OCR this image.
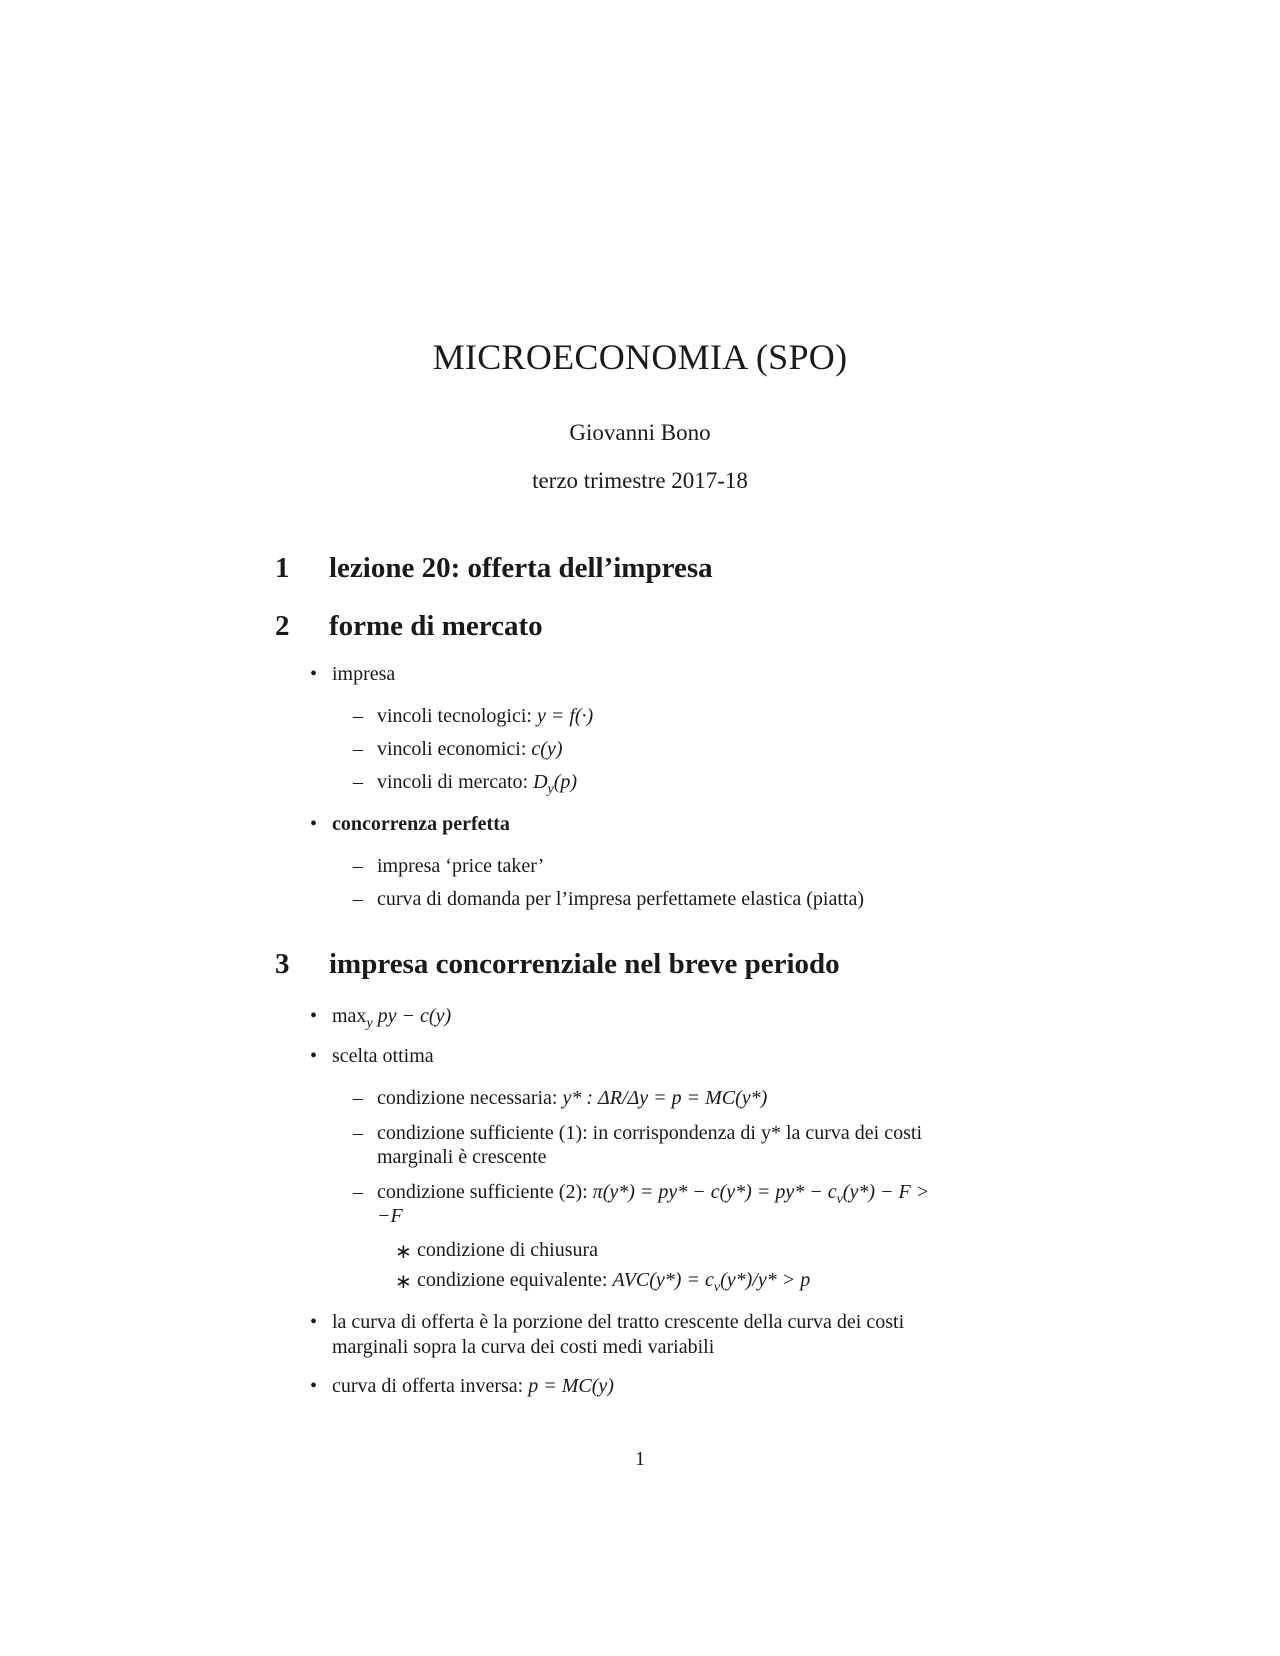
MICROECONOMIA (SPO)
Giovanni Bono
terzo trimestre 2017-18
1 lezione 20: offerta dell’impresa
2 forme di mercato
• impresa
– vincoli tecnologici: y = f(·)
– vincoli economici: c(y)
– vincoli di mercato: $D_y(p)$
• concorrenza perfetta
– impresa ‘price taker’
– curva di domanda per l’impresa perfettamete elastica (piatta)
3 impresa concorrenziale nel breve periodo
• $\max_y$ py − c(y)
• scelta ottima
– condizione necessaria: y* : ΔR/Δy = p = MC(y*)
– condizione sufficiente (1): in corrispondenza di y* la curva dei costi
marginali è crescente
– condizione sufficiente (2): $\pi(y*) = py* - c(y*) = py* - c_v(y*) - F$ >
−F
∗ condizione di chiusura
∗ condizione equivalente: $AVC(y*) = c_v(y*)/y* > p$
• la curva di offerta è la porzione del tratto crescente della curva dei costi
marginali sopra la curva dei costi medi variabili
• curva di offerta inversa: p = MC(y)
1
